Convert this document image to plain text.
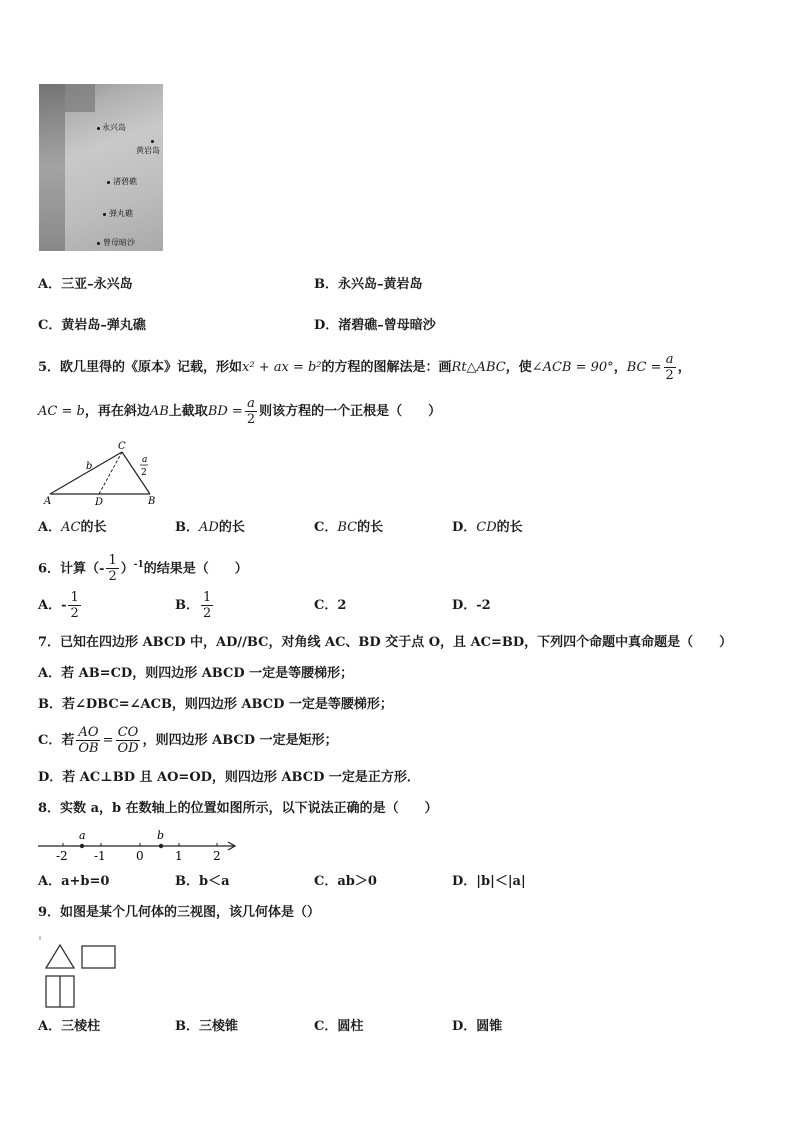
永兴岛
黄岩岛
渚碧礁
弹丸礁
曾母暗沙
A．三亚–永兴岛	B．永兴岛–黄岩岛
C．黄岩岛–弹丸礁	D．渚碧礁–曾母暗沙
5．欧几里得的《原本》记载，形如x² + ax = b²的方程的图解法是：画Rt△ABC，使∠ACB = 90°，BC = $\frac{a}{2}$ ，
AC = b，再在斜边AB上截取BD = $\frac{a}{2}$ 则该方程的一个正根是（　　）
A	D	B
C
b
a
2
A．AC的长	B．AD的长	C．BC的长	D．CD的长
6．计算（- $\frac{1}{2} )^{-1}$的结果是（　　）
A．- $\frac{1}{2}$	B． $\frac{1}{2}$	C．2	D．-2
7．已知在四边形 ABCD 中，AD//BC，对角线 AC、BD 交于点 O，且 AC=BD，下列四个命题中真命题是（　　）
A．若 AB=CD，则四边形 ABCD 一定是等腰梯形；
B．若∠DBC=∠ACB，则四边形 ABCD 一定是等腰梯形；
C．若 $\frac{AO}{OB} = \frac{CO}{OD}$ ，则四边形 ABCD 一定是矩形；
D．若 AC⊥BD 且 AO=OD，则四边形 ABCD 一定是正方形．
8．实数 a，b 在数轴上的位置如图所示，以下说法正确的是（　　）
a	b
-2 -1	0	1	2
A．a+b=0	B．b＜a	C．ab＞0	D．|b|＜|a|
9．如图是某个几何体的三视图，该几何体是（）
A．三棱柱	B．三棱锥	C．圆柱	D．圆锥
